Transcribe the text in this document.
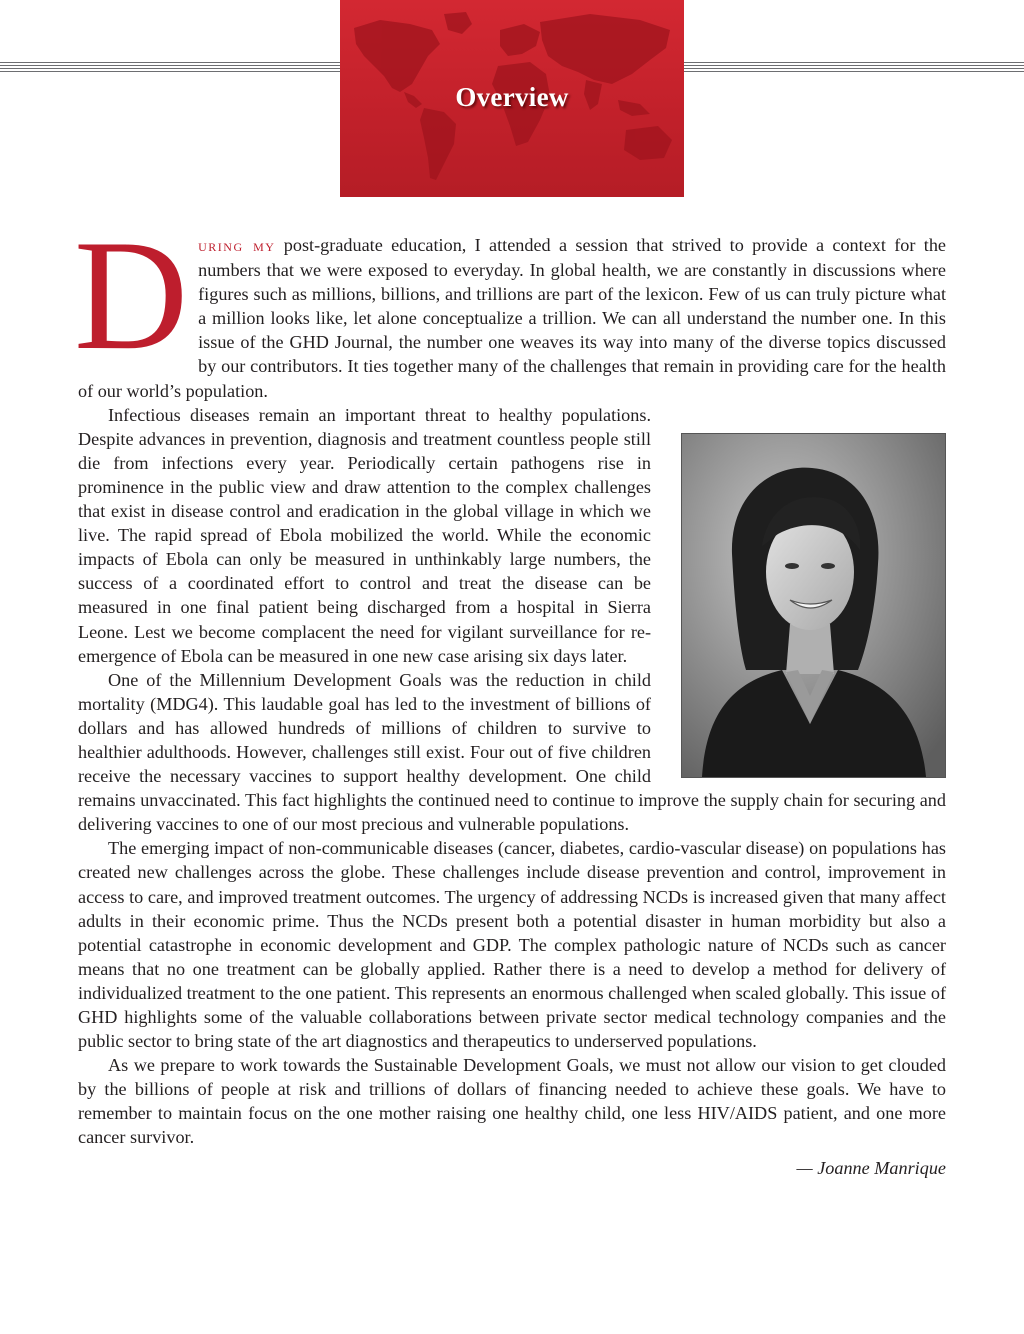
Overview

During my post-graduate education, I attended a session that strived to provide a context for the numbers that we were exposed to everyday. In global health, we are constantly in discussions where figures such as millions, billions, and trillions are part of the lexicon. Few of us can truly picture what a million looks like, let alone conceptualize a trillion. We can all understand the number one. In this issue of the GHD Journal, the number one weaves its way into many of the diverse topics discussed by our contributors. It ties together many of the challenges that remain in providing care for the health of our world’s population.

Infectious diseases remain an important threat to healthy populations. Despite advances in prevention, diagnosis and treatment countless people still die from infections every year. Periodically certain pathogens rise in prominence in the public view and draw attention to the complex challenges that exist in disease control and eradication in the global village in which we live. The rapid spread of Ebola mobilized the world. While the economic impacts of Ebola can only be measured in unthinkably large numbers, the success of a coordinated effort to control and treat the disease can be measured in one final patient being discharged from a hospital in Sierra Leone. Lest we become complacent the need for vigilant surveillance for re-emergence of Ebola can be measured in one new case arising six days later.

One of the Millennium Development Goals was the reduction in child mortality (MDG4). This laudable goal has led to the investment of billions of dollars and has allowed hundreds of millions of children to survive to healthier adulthoods. However, challenges still exist. Four out of five children receive the necessary vaccines to support healthy development. One child remains unvaccinated. This fact highlights the continued need to continue to improve the supply chain for securing and delivering vaccines to one of our most precious and vulnerable populations.

The emerging impact of non-communicable diseases (cancer, diabetes, cardio-vascular disease) on populations has created new challenges across the globe. These challenges include disease prevention and control, improvement in access to care, and improved treatment outcomes. The urgency of addressing NCDs is increased given that many affect adults in their economic prime. Thus the NCDs present both a potential disaster in human morbidity but also a potential catastrophe in economic development and GDP. The complex pathologic nature of NCDs such as cancer means that no one treatment can be globally applied. Rather there is a need to develop a method for delivery of individualized treatment to the one patient. This represents an enormous challenged when scaled globally. This issue of GHD highlights some of the valuable collaborations between private sector medical technology companies and the public sector to bring state of the art diagnostics and therapeutics to underserved populations.

As we prepare to work towards the Sustainable Development Goals, we must not allow our vision to get clouded by the billions of people at risk and trillions of dollars of financing needed to achieve these goals. We have to remember to maintain focus on the one mother raising one healthy child, one less HIV/AIDS patient, and one more cancer survivor.

— Joanne Manrique
